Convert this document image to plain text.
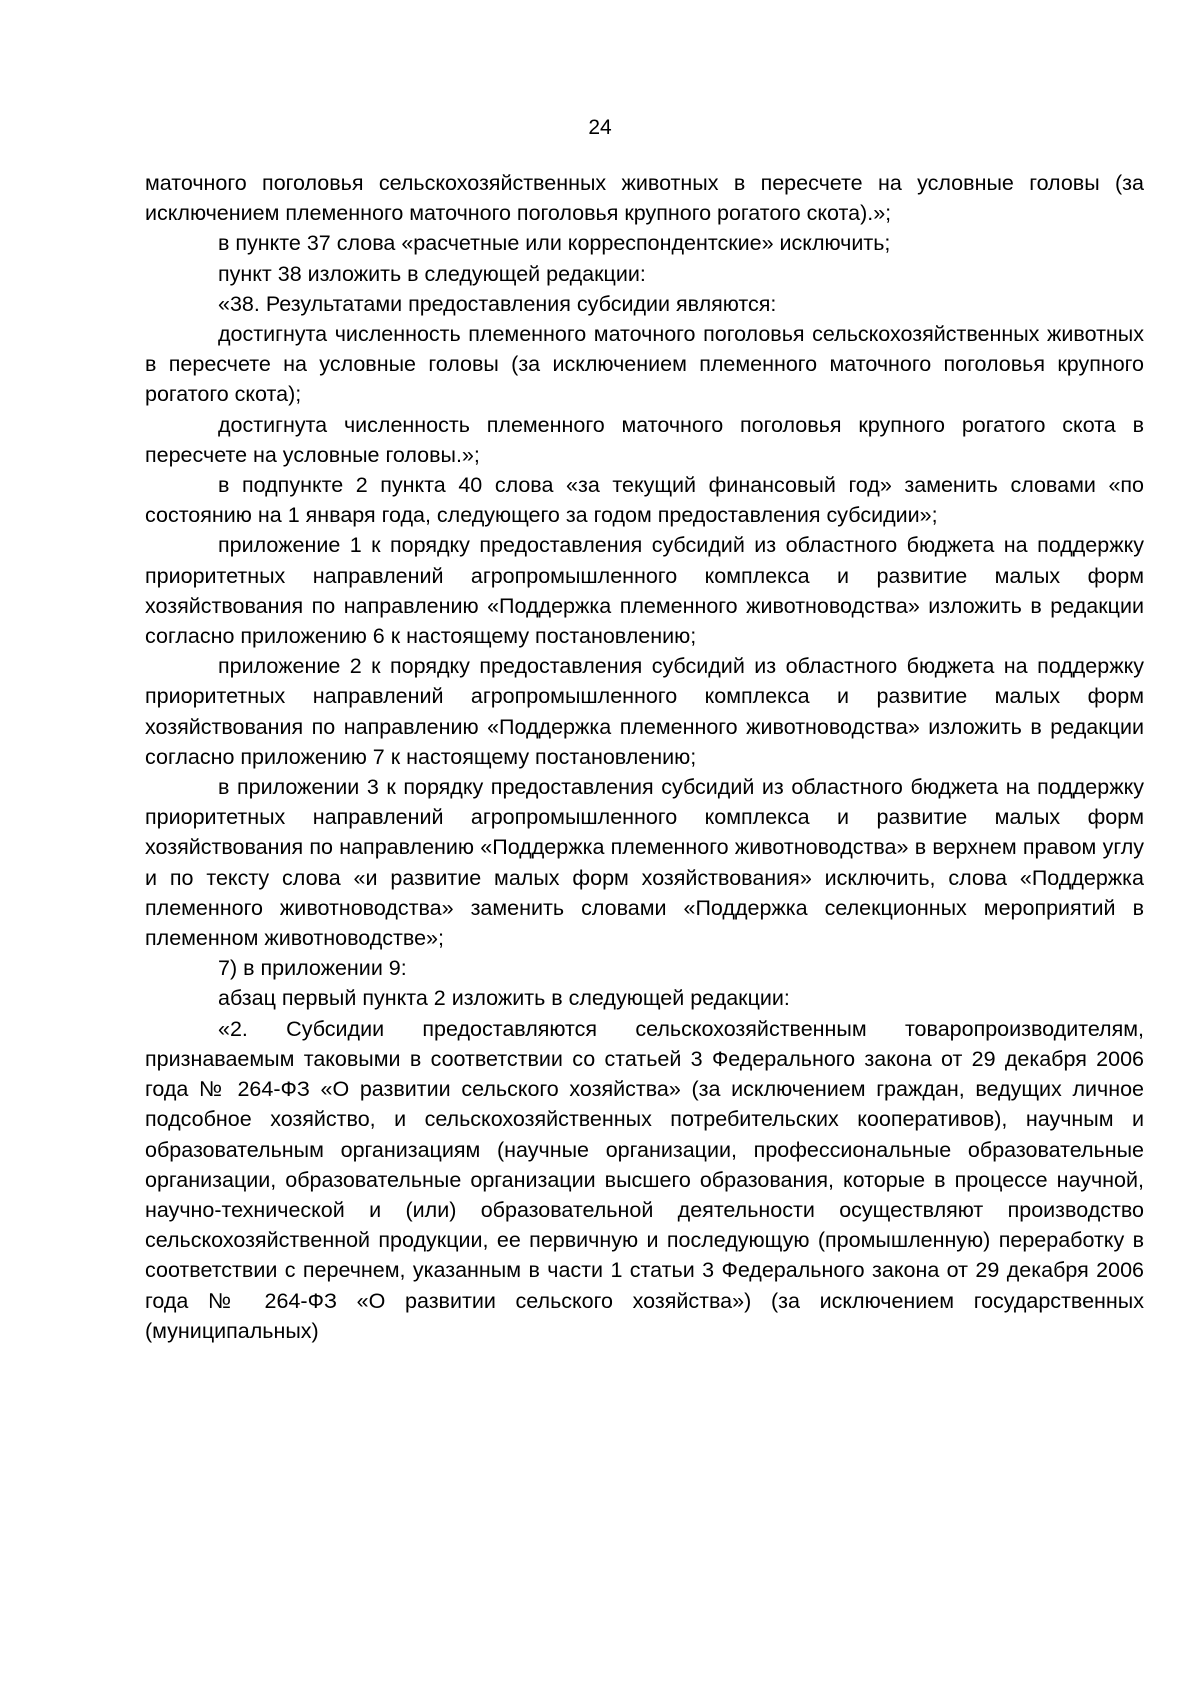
24

маточного поголовья сельскохозяйственных животных в пересчете на условные головы (за исключением племенного маточного поголовья крупного рогатого скота).»;

в пункте 37 слова «расчетные или корреспондентские» исключить;

пункт 38 изложить в следующей редакции:

«38. Результатами предоставления субсидии являются:

достигнута численность племенного маточного поголовья сельскохозяйственных животных в пересчете на условные головы (за исключением племенного маточного поголовья крупного рогатого скота);

достигнута численность племенного маточного поголовья крупного рогатого скота в пересчете на условные головы.»;

в подпункте 2 пункта 40 слова «за текущий финансовый год» заменить словами «по состоянию на 1 января года, следующего за годом предоставления субсидии»;

приложение 1 к порядку предоставления субсидий из областного бюджета на поддержку приоритетных направлений агропромышленного комплекса и развитие малых форм хозяйствования по направлению «Поддержка племенного животноводства» изложить в редакции согласно приложению 6 к настоящему постановлению;

приложение 2 к порядку предоставления субсидий из областного бюджета на поддержку приоритетных направлений агропромышленного комплекса и развитие малых форм хозяйствования по направлению «Поддержка племенного животноводства» изложить в редакции согласно приложению 7 к настоящему постановлению;

в приложении 3 к порядку предоставления субсидий из областного бюджета на поддержку приоритетных направлений агропромышленного комплекса и развитие малых форм хозяйствования по направлению «Поддержка племенного животноводства» в верхнем правом углу и по тексту слова «и развитие малых форм хозяйствования» исключить, слова «Поддержка племенного животноводства» заменить словами «Поддержка селекционных мероприятий в племенном животноводстве»;

7) в приложении 9:

абзац первый пункта 2 изложить в следующей редакции:

«2. Субсидии предоставляются сельскохозяйственным товаропроизводителям, признаваемым таковыми в соответствии со статьей 3 Федерального закона от 29 декабря 2006 года № 264-ФЗ «О развитии сельского хозяйства» (за исключением граждан, ведущих личное подсобное хозяйство, и сельскохозяйственных потребительских кооперативов), научным и образовательным организациям (научные организации, профессиональные образовательные организации, образовательные организации высшего образования, которые в процессе научной, научно-технической и (или) образовательной деятельности осуществляют производство сельскохозяйственной продукции, ее первичную и последующую (промышленную) переработку в соответствии с перечнем, указанным в части 1 статьи 3 Федерального закона от 29 декабря 2006 года № 264-ФЗ «О развитии сельского хозяйства») (за исключением государственных (муниципальных)
